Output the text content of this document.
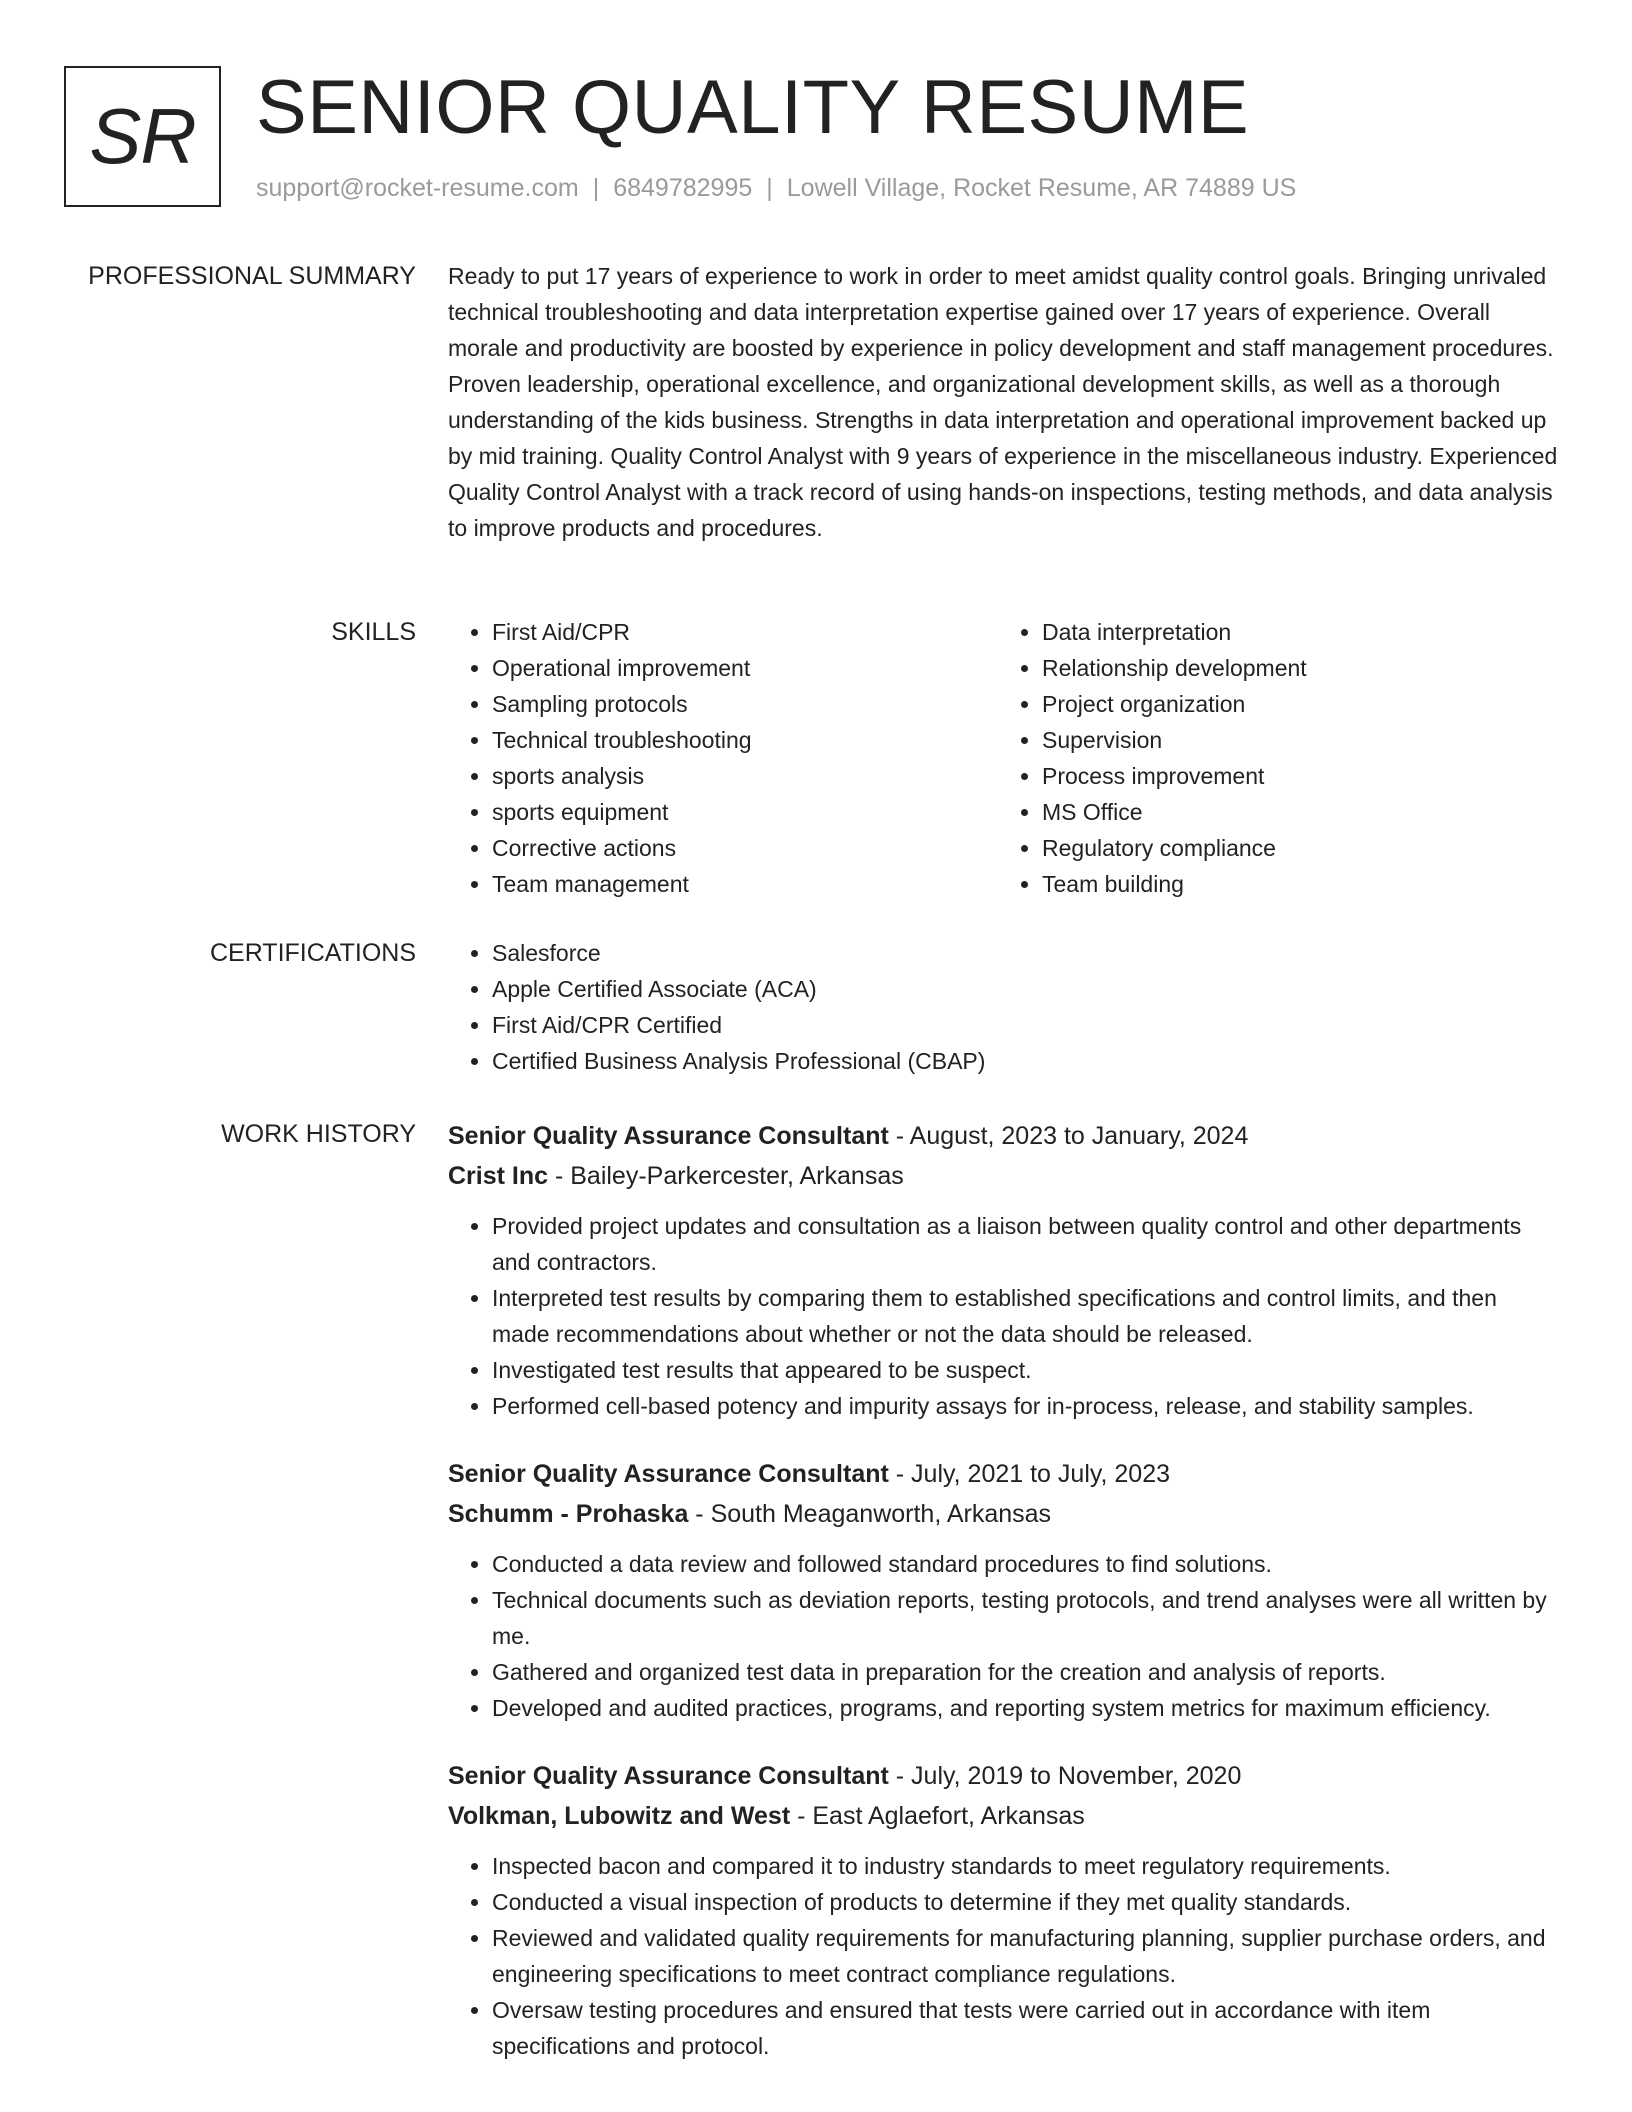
SR SENIOR QUALITY RESUME
support@rocket-resume.com | 6849782995 | Lowell Village, Rocket Resume, AR 74889 US
PROFESSIONAL SUMMARY Ready to put 17 years of experience to work in order to meet amidst quality control goals. Bringing unrivaled technical troubleshooting and data interpretation expertise gained over 17 years of experience. Overall morale and productivity are boosted by experience in policy development and staff management procedures. Proven leadership, operational excellence, and organizational development skills, as well as a thorough understanding of the kids business. Strengths in data interpretation and operational improvement backed up by mid training. Quality Control Analyst with 9 years of experience in the miscellaneous industry. Experienced Quality Control Analyst with a track record of using hands-on inspections, testing methods, and data analysis to improve products and procedures.

SKILLS	• First Aid/CPR
• Operational improvement
• Sampling protocols
• Technical troubleshooting
• sports analysis
• sports equipment
• Corrective actions
• Team management
• Data interpretation
• Relationship development
• Project organization
• Supervision
• Process improvement
• MS Office
• Regulatory compliance
• Team building
CERTIFICATIONS	• Salesforce
• Apple Certified Associate (ACA)
• First Aid/CPR Certified
• Certified Business Analysis Professional (CBAP)
WORK HISTORY Senior Quality Assurance Consultant - August, 2023 to January, 2024
Crist Inc - Bailey-Parkercester, Arkansas
• Provided project updates and consultation as a liaison between quality control and other departments and contractors.
• Interpreted test results by comparing them to established specifications and control limits, and then made recommendations about whether or not the data should be released.
• Investigated test results that appeared to be suspect.
• Performed cell-based potency and impurity assays for in-process, release, and stability samples.
Senior Quality Assurance Consultant - July, 2021 to July, 2023
Schumm - Prohaska - South Meaganworth, Arkansas
• Conducted a data review and followed standard procedures to find solutions.
• Technical documents such as deviation reports, testing protocols, and trend analyses were all written by me.
• Gathered and organized test data in preparation for the creation and analysis of reports.
• Developed and audited practices, programs, and reporting system metrics for maximum efficiency.
Senior Quality Assurance Consultant - July, 2019 to November, 2020
Volkman, Lubowitz and West - East Aglaefort, Arkansas
• Inspected bacon and compared it to industry standards to meet regulatory requirements.
• Conducted a visual inspection of products to determine if they met quality standards.
• Reviewed and validated quality requirements for manufacturing planning, supplier purchase orders, and engineering specifications to meet contract compliance regulations.
• Oversaw testing procedures and ensured that tests were carried out in accordance with item specifications and protocol.
